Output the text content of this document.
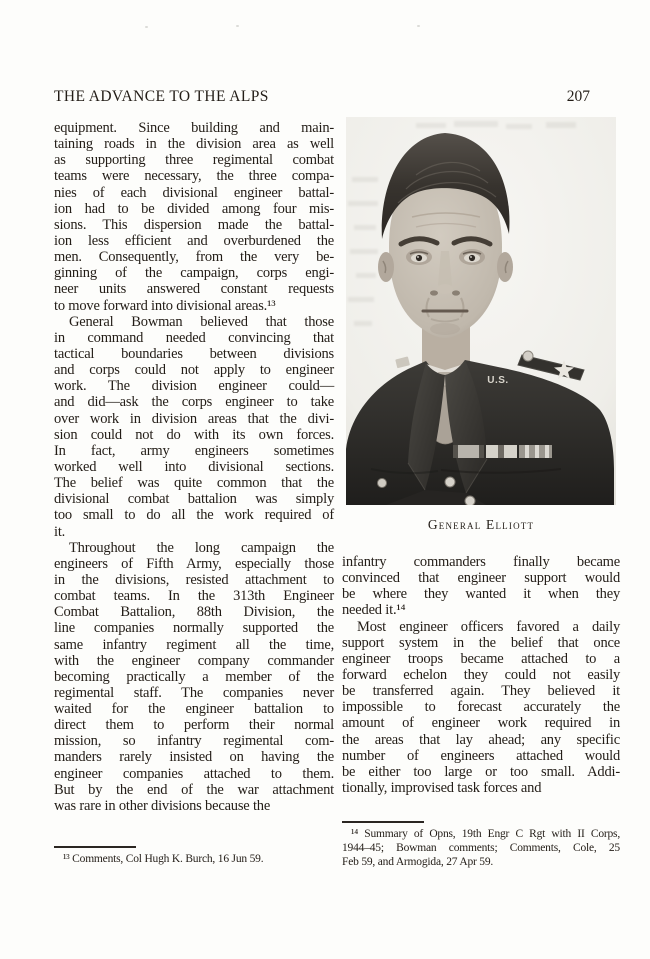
THE ADVANCE TO THE ALPS	207
equipment. Since building and main-
taining roads in the division area as well
as supporting three regimental combat
teams were necessary, the three compa-
nies of each divisional engineer battal-
ion had to be divided among four mis-
sions. This dispersion made the battal-
ion less efficient and overburdened the
men. Consequently, from the very be-
ginning of the campaign, corps engi-
neer units answered constant requests
to move forward into divisional areas.¹³
General Bowman believed that those
in command needed convincing that
tactical boundaries between divisions
and corps could not apply to engineer
work. The division engineer could—
and did—ask the corps engineer to take
over work in division areas that the divi-
sion could not do with its own forces.
In fact, army engineers sometimes
worked well into divisional sections.
The belief was quite common that the
divisional combat battalion was simply
too small to do all the work required of
it.
Throughout the long campaign the
engineers of Fifth Army, especially those
in the divisions, resisted attachment to
combat teams. In the 313th Engineer
Combat Battalion, 88th Division, the
line companies normally supported the
same infantry regiment all the time,
with the engineer company commander
becoming practically a member of the
regimental staff. The companies never
waited for the engineer battalion to
direct them to perform their normal
mission, so infantry regimental com-
manders rarely insisted on having the
engineer companies attached to them.
But by the end of the war attachment
was rare in other divisions because the
¹³ Comments, Col Hugh K. Burch, 16 Jun 59.
U.S.
General Elliott
infantry commanders finally became
convinced that engineer support would
be where they wanted it when they
needed it.¹⁴
Most engineer officers favored a daily
support system in the belief that once
engineer troops became attached to a
forward echelon they could not easily
be transferred again. They believed it
impossible to forecast accurately the
amount of engineer work required in
the areas that lay ahead; any specific
number of engineers attached would
be either too large or too small. Addi-
tionally, improvised task forces and
¹⁴ Summary of Opns, 19th Engr C Rgt with II Corps,
1944–45; Bowman comments; Comments, Cole, 25
Feb 59, and Armogida, 27 Apr 59.
